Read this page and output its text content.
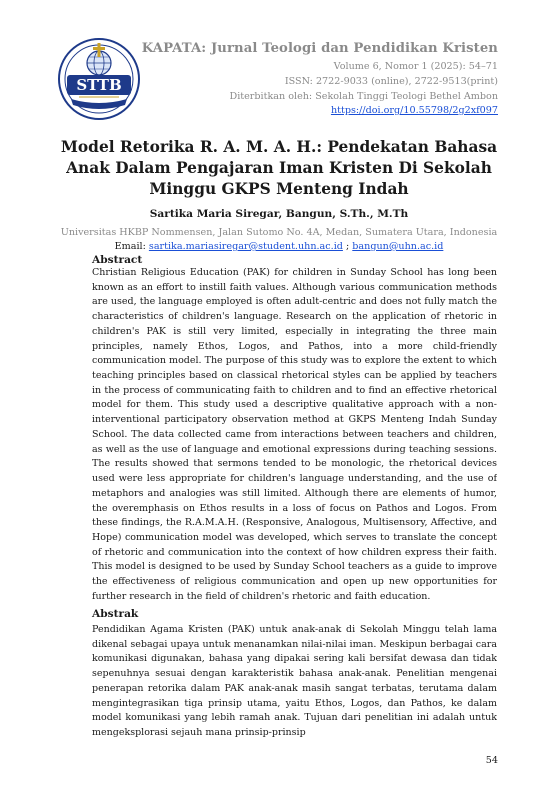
STTB
KAPATA: Jurnal Teologi dan Pendidikan Kristen
Volume 6, Nomor 1 (2025): 54–71
ISSN: 2722-9033 (online), 2722-9513(print)
Diterbitkan oleh: Sekolah Tinggi Teologi Bethel Ambon
https://doi.org/10.55798/2g2xf097
Model Retorika R. A. M. A. H.: Pendekatan Bahasa Anak Dalam Pengajaran Iman Kristen Di Sekolah Minggu GKPS Menteng Indah
Sartika Maria Siregar, Bangun, S.Th., M.Th
Universitas HKBP Nommensen, Jalan Sutomo No. 4A, Medan, Sumatera Utara, Indonesia
Email: sartika.mariasiregar@student.uhn.ac.id ; bangun@uhn.ac.id
Abstract
Christian Religious Education (PAK) for children in Sunday School has long been known as an effort to instill faith values. Although various communication methods are used, the language employed is often adult-centric and does not fully match the characteristics of children's language. Research on the application of rhetoric in children's PAK is still very limited, especially in integrating the three main principles, namely Ethos, Logos, and Pathos, into a more child-friendly communication model. The purpose of this study was to explore the extent to which teaching principles based on classical rhetorical styles can be applied by teachers in the process of communicating faith to children and to find an effective rhetorical model for them. This study used a descriptive qualitative approach with a non-interventional participatory observation method at GKPS Menteng Indah Sunday School. The data collected came from interactions between teachers and children, as well as the use of language and emotional expressions during teaching sessions. The results showed that sermons tended to be monologic, the rhetorical devices used were less appropriate for children's language understanding, and the use of metaphors and analogies was still limited. Although there are elements of humor, the overemphasis on Ethos results in a loss of focus on Pathos and Logos. From these findings, the R.A.M.A.H. (Responsive, Analogous, Multisensory, Affective, and Hope) communication model was developed, which serves to translate the concept of rhetoric and communication into the context of how children express their faith. This model is designed to be used by Sunday School teachers as a guide to improve the effectiveness of religious communication and open up new opportunities for further research in the field of children's rhetoric and faith education.
Abstrak
Pendidikan Agama Kristen (PAK) untuk anak-anak di Sekolah Minggu telah lama dikenal sebagai upaya untuk menanamkan nilai-nilai iman. Meskipun berbagai cara komunikasi digunakan, bahasa yang dipakai sering kali bersifat dewasa dan tidak sepenuhnya sesuai dengan karakteristik bahasa anak-anak. Penelitian mengenai penerapan retorika dalam PAK anak-anak masih sangat terbatas, terutama dalam mengintegrasikan tiga prinsip utama, yaitu Ethos, Logos, dan Pathos, ke dalam model komunikasi yang lebih ramah anak. Tujuan dari penelitian ini adalah untuk mengeksplorasi sejauh mana prinsip-prinsip
54
